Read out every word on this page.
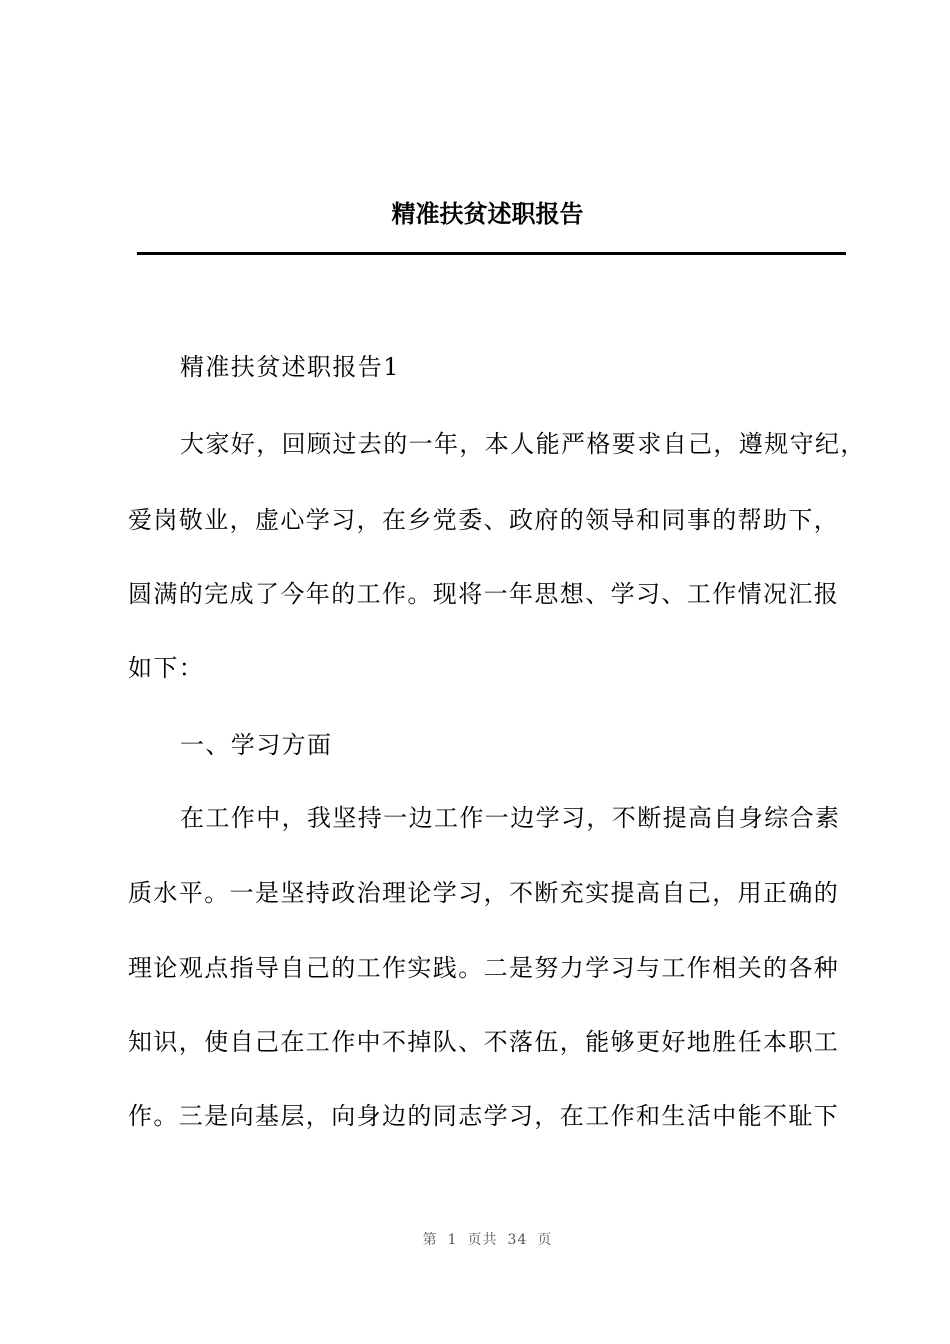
精准扶贫述职报告
精准扶贫述职报告1
大家好，回顾过去的一年，本人能严格要求自己，遵规守纪，
爱岗敬业，虚心学习，在乡党委、政府的领导和同事的帮助下，
圆满的完成了今年的工作。现将一年思想、学习、工作情况汇报
如下：
一、学习方面
在工作中，我坚持一边工作一边学习，不断提高自身综合素
质水平。一是坚持政治理论学习，不断充实提高自己，用正确的
理论观点指导自己的工作实践。二是努力学习与工作相关的各种
知识，使自己在工作中不掉队、不落伍，能够更好地胜任本职工
作。三是向基层，向身边的同志学习，在工作和生活中能不耻下
第 1 页共 34 页
